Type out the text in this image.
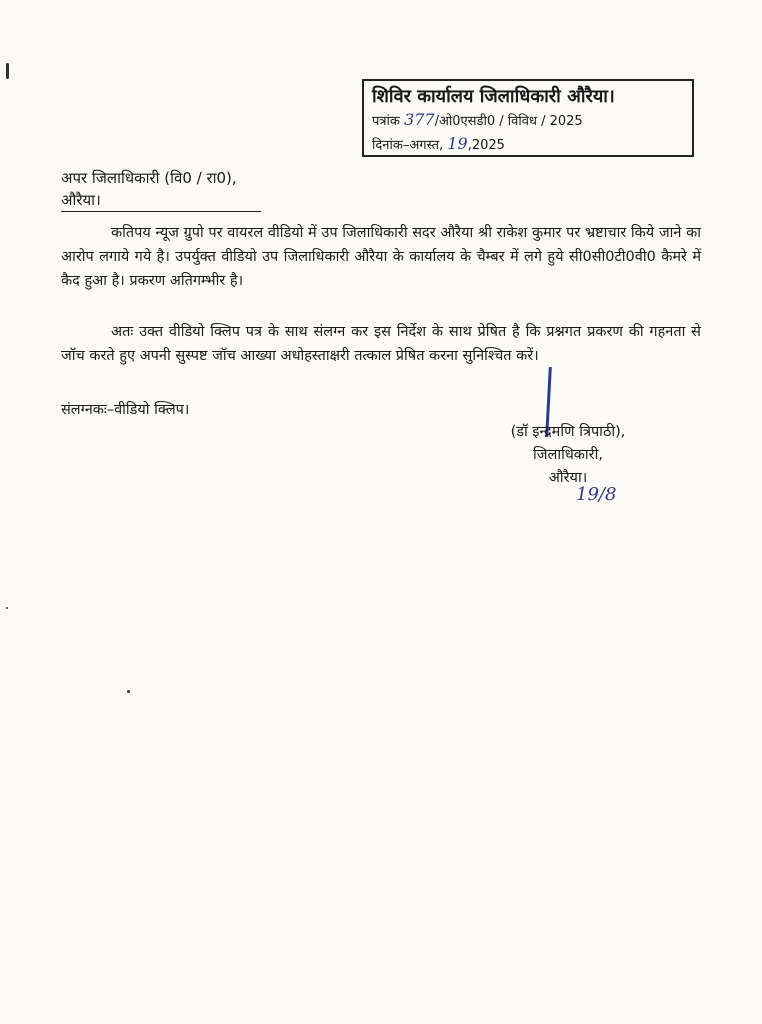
शिविर कार्यालय जिलाधिकारी औरैया।
पत्रांक 377/ओ0एसडी0 / विविध / 2025
दिनांक–अगस्त, 19,2025
अपर जिलाधिकारी (वि0 / रा0),
औरैया।
कतिपय न्यूज ग्रुपो पर वायरल वीडियो में उप जिलाधिकारी सदर औरैया श्री राकेश कुमार पर भ्रष्टाचार किये जाने का आरोप लगाये गये है। उपर्युक्त वीडियो उप जिलाधिकारी औरैया के कार्यालय के चैम्बर में लगे हुये सी0सी0टी0वी0 कैमरे में कैद हुआ है। प्रकरण अतिगम्भीर है।
अतः उक्त वीडियो क्लिप पत्र के साथ संलग्न कर इस निर्देश के साथ प्रेषित है कि प्रश्नगत प्रकरण की गहनता से जॉच करते हुए अपनी सुस्पष्ट जॉच आख्या अधोहस्ताक्षरी तत्काल प्रेषित करना सुनिश्चित करें।
संलग्नकः–वीडियो क्लिप।
(डॉ इन्द्रमणि त्रिपाठी),
जिलाधिकारी,
औरैया।
19/8
